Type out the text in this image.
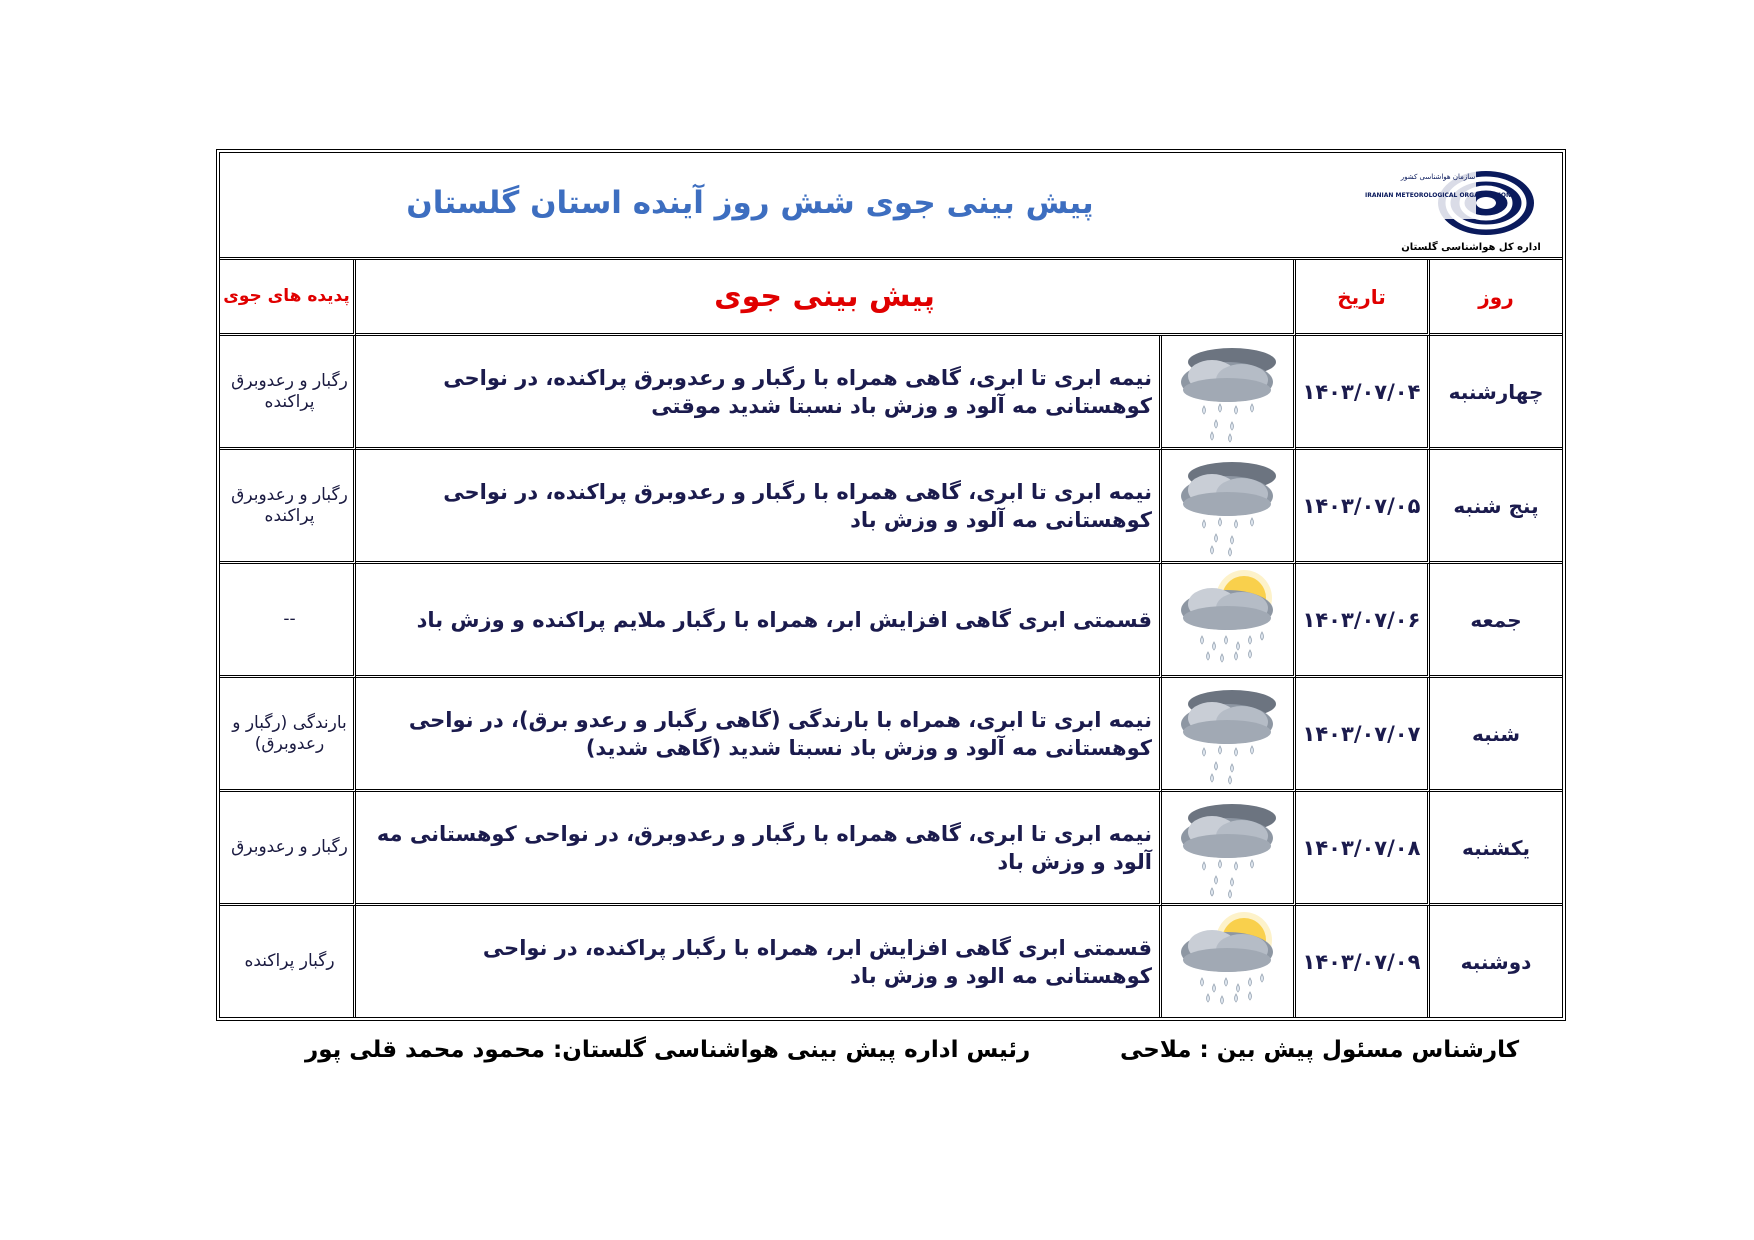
پیش بینی جوی شش روز آینده استان گلستان
سازمان هواشناسی کشور
IRANIAN METEOROLOGICAL ORGANIZATION
اداره کل هواشناسی گلستان
پدیده های جوی	پیش بینی جوی		تاریخ	روز
رگبار و رعدوبرق پراکنده	نیمه ابری تا ابری، گاهی همراه با رگبار و رعدوبرق پراکنده، در نواحی کوهستانی مه آلود و وزش باد نسبتا شدید موقتی		۱۴۰۳/۰۷/۰۴	چهارشنبه
رگبار و رعدوبرق پراکنده	نیمه ابری تا ابری، گاهی همراه با رگبار و رعدوبرق پراکنده، در نواحی کوهستانی مه آلود و وزش باد		۱۴۰۳/۰۷/۰۵	پنج شنبه
--	قسمتی ابری گاهی افزایش ابر، همراه با رگبار ملایم پراکنده و وزش باد		۱۴۰۳/۰۷/۰۶	جمعه
بارندگی (رگبار و رعدوبرق)	نیمه ابری تا ابری، همراه با بارندگی (گاهی رگبار و رعدو برق)، در نواحی کوهستانی مه آلود و وزش باد نسبتا شدید (گاهی شدید)		۱۴۰۳/۰۷/۰۷	شنبه
رگبار و رعدوبرق	نیمه ابری تا ابری، گاهی همراه با رگبار و رعدوبرق، در نواحی کوهستانی مه آلود و وزش باد		۱۴۰۳/۰۷/۰۸	یکشنبه
رگبار پراکنده	قسمتی ابری گاهی افزایش ابر، همراه با رگبار پراکنده، در نواحی کوهستانی مه الود و وزش باد		۱۴۰۳/۰۷/۰۹	دوشنبه
رئیس اداره پیش بینی هواشناسی گلستان: محمود محمد قلی پور	کارشناس مسئول پیش بین : ملاحی
